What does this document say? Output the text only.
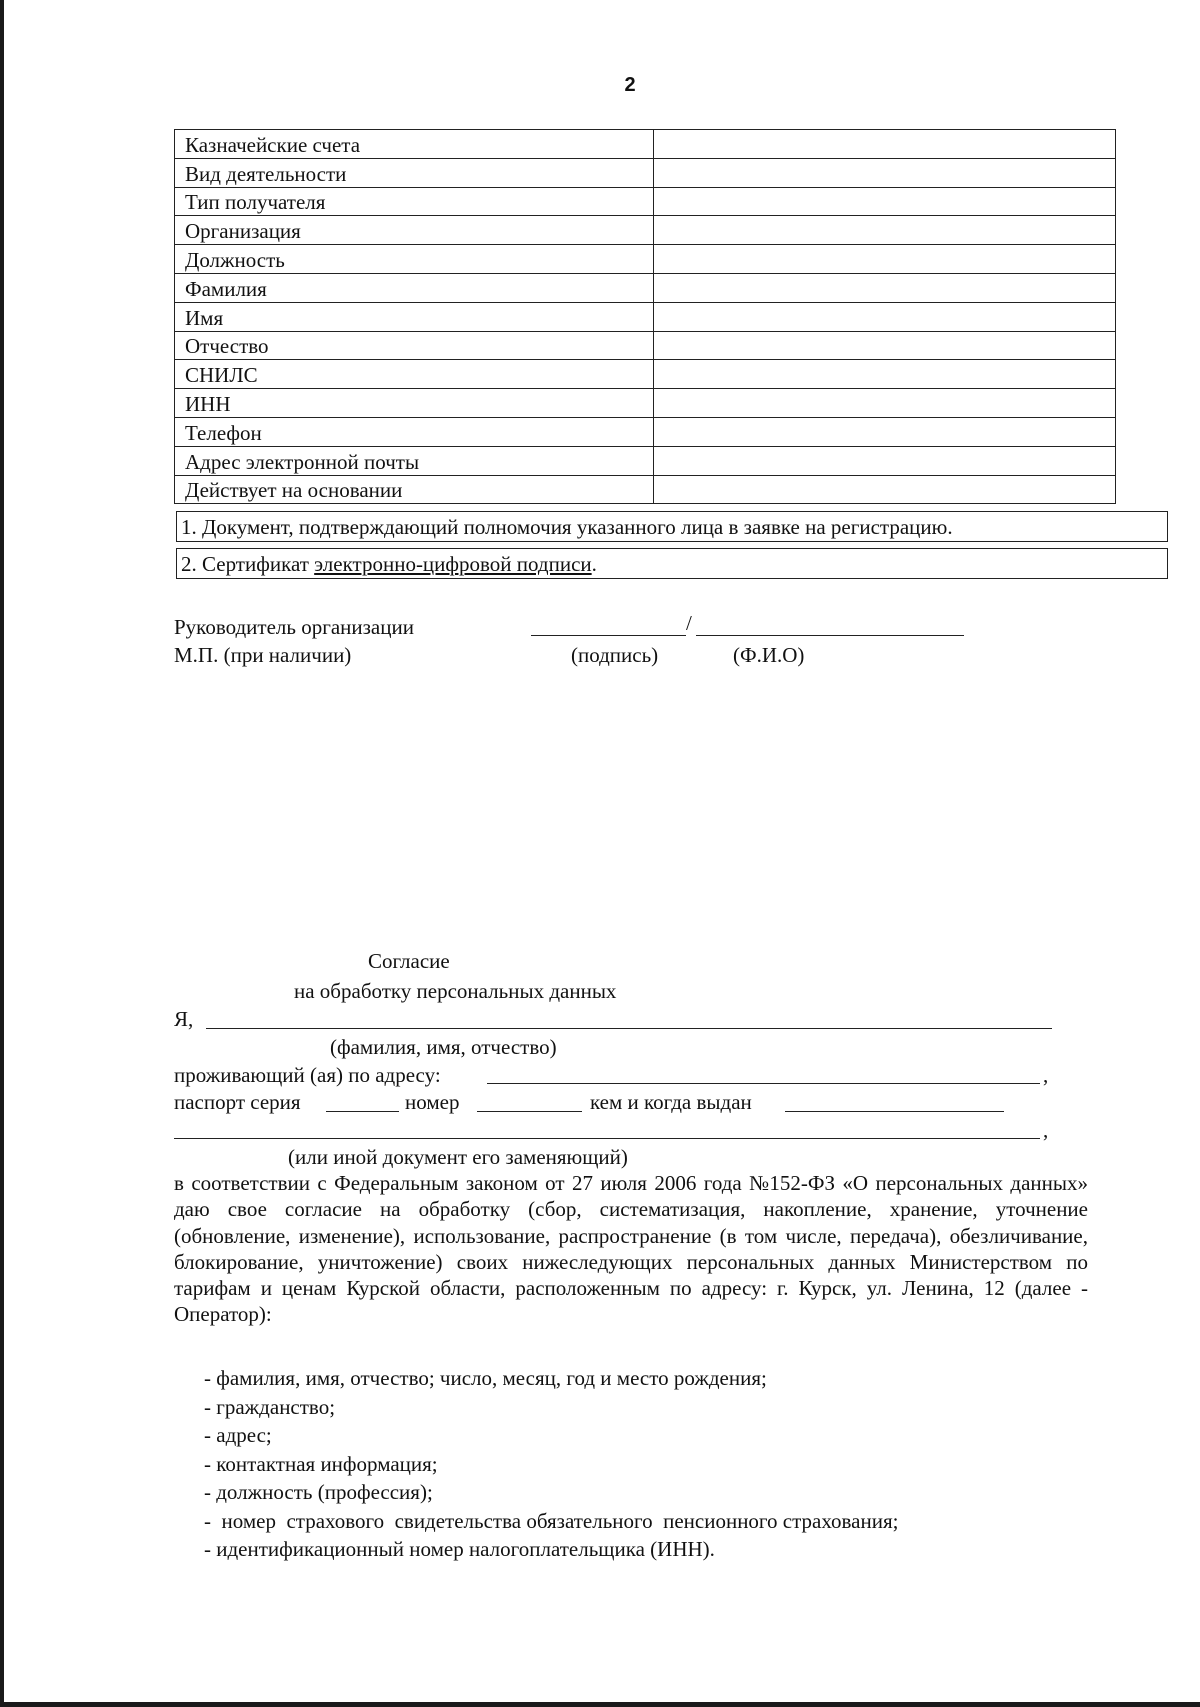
2
Казначейские счета	
Вид деятельности	
Тип получателя	
Организация	
Должность	
Фамилия	
Имя	
Отчество	
СНИЛС	
ИНН	
Телефон	
Адрес электронной почты	
Действует на основании	
1. Документ, подтверждающий полномочия указанного лица в заявке на регистрацию.
2. Сертификат электронно-цифровой подписи.
Руководитель организации
М.П. (при наличии)
/
(подпись)	(Ф.И.О)
Согласие
на обработку персональных данных
Я,
(фамилия, имя, отчество)
проживающий (ая) по адресу:	,
паспорт серия	номер	кем и когда выдан
,
(или иной документ его заменяющий)
в соответствии с Федеральным законом от 27 июля 2006 года №152-ФЗ «О персональных данных» даю свое согласие на обработку (сбор, систематизация, накопление, хранение, уточнение (обновление, изменение), использование, распространение (в том числе, передача), обезличивание, блокирование, уничтожение) своих нижеследующих персональных данных Министерством по тарифам и ценам Курской области, расположенным по адресу: г. Курск, ул. Ленина, 12 (далее - Оператор):
- фамилия, имя, отчество; число, месяц, год и место рождения;
- гражданство;
- адрес;
- контактная информация;
- должность (профессия);
-  номер  страхового  свидетельства обязательного  пенсионного страхования;
- идентификационный номер налогоплательщика (ИНН).
